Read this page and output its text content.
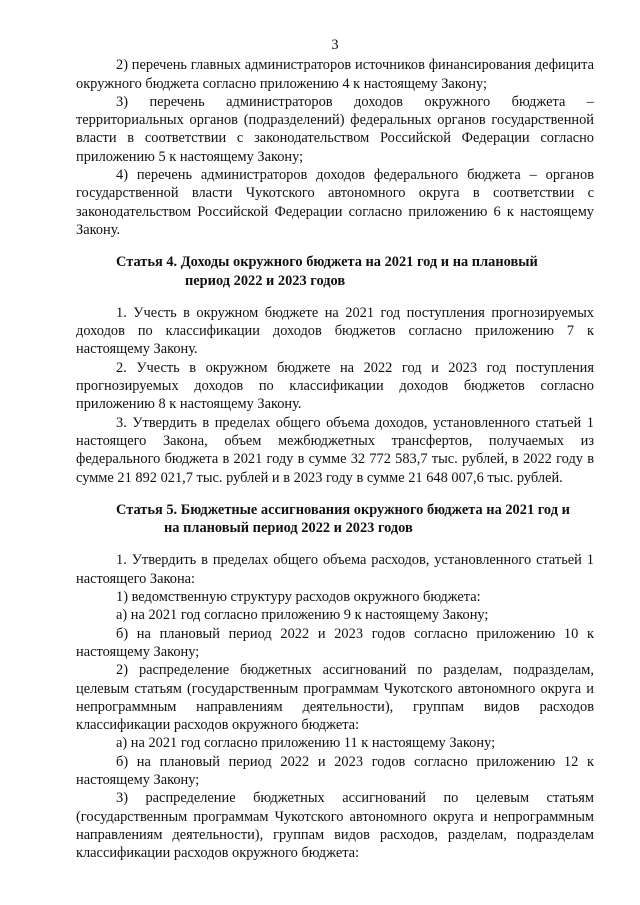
3

2) перечень главных администраторов источников финансирования дефицита окружного бюджета согласно приложению 4 к настоящему Закону;

3) перечень администраторов доходов окружного бюджета – территориальных органов (подразделений) федеральных органов государственной власти в соответствии с законодательством Российской Федерации согласно приложению 5 к настоящему Закону;

4) перечень администраторов доходов федерального бюджета – органов государственной власти Чукотского автономного округа в соответствии с законодательством Российской Федерации согласно приложению 6 к настоящему Закону.

Статья 4. Доходы окружного бюджета на 2021 год и на плановый
период 2022 и 2023 годов

1. Учесть в окружном бюджете на 2021 год поступления прогнозируемых доходов по классификации доходов бюджетов согласно приложению 7 к настоящему Закону.

2. Учесть в окружном бюджете на 2022 год и 2023 год поступления прогнозируемых доходов по классификации доходов бюджетов согласно приложению 8 к настоящему Закону.

3. Утвердить в пределах общего объема доходов, установленного статьей 1 настоящего Закона, объем межбюджетных трансфертов, получаемых из федерального бюджета в 2021 году в сумме 32 772 583,7 тыс. рублей, в 2022 году в сумме 21 892 021,7 тыс. рублей и в 2023 году в сумме 21 648 007,6 тыс. рублей.

Статья 5. Бюджетные ассигнования окружного бюджета на 2021 год и
на плановый период 2022 и 2023 годов

1. Утвердить в пределах общего объема расходов, установленного статьей 1 настоящего Закона:

1) ведомственную структуру расходов окружного бюджета:

а) на 2021 год согласно приложению 9 к настоящему Закону;

б) на плановый период 2022 и 2023 годов согласно приложению 10 к настоящему Закону;

2) распределение бюджетных ассигнований по разделам, подразделам, целевым статьям (государственным программам Чукотского автономного округа и непрограммным направлениям деятельности), группам видов расходов классификации расходов окружного бюджета:

а) на 2021 год согласно приложению 11 к настоящему Закону;

б) на плановый период 2022 и 2023 годов согласно приложению 12 к настоящему Закону;

3) распределение бюджетных ассигнований по целевым статьям (государственным программам Чукотского автономного округа и непрограммным направлениям деятельности), группам видов расходов, разделам, подразделам классификации расходов окружного бюджета:
